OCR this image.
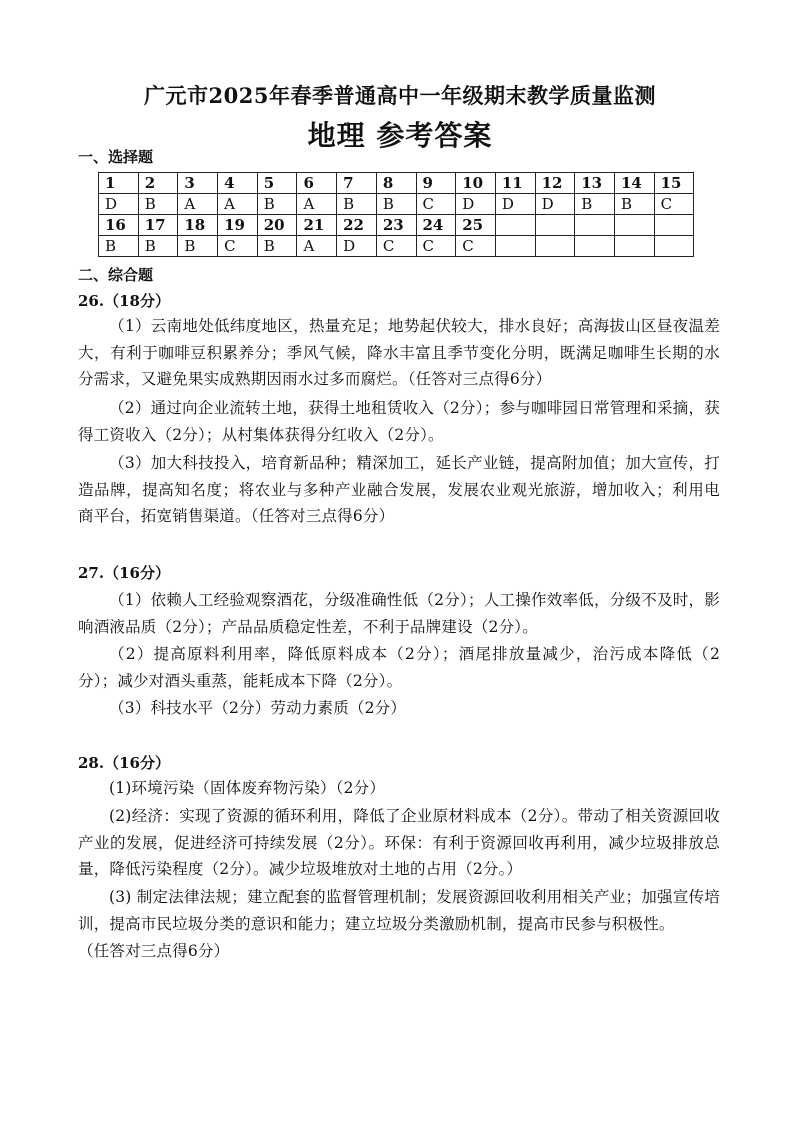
广元市2025年春季普通高中一年级期末教学质量监测
地理 参考答案
一、选择题
1	2	3	4	5	6	7	8	9	10	11	12	13	14	15
D	B	A	A	B	A	B	B	C	D	D	D	B	B	C
16	17	18	19	20	21	22	23	24	25					
B	B	B	C	B	A	D	C	C	C					
二、综合题
26.（18分）
（1）云南地处低纬度地区，热量充足；地势起伏较大，排水良好；高海拔山区昼夜温差大，有利于咖啡豆积累养分；季风气候，降水丰富且季节变化分明，既满足咖啡生长期的水分需求，又避免果实成熟期因雨水过多而腐烂。（任答对三点得6分）
（2）通过向企业流转土地，获得土地租赁收入（2分）；参与咖啡园日常管理和采摘，获得工资收入（2分）；从村集体获得分红收入（2分）。
（3）加大科技投入，培育新品种；精深加工，延长产业链，提高附加值；加大宣传，打造品牌，提高知名度；将农业与多种产业融合发展，发展农业观光旅游，增加收入；利用电商平台，拓宽销售渠道。（任答对三点得6分）
27.（16分）
（1）依赖人工经验观察酒花，分级准确性低（2分）；人工操作效率低，分级不及时，影响酒液品质（2分）；产品品质稳定性差，不利于品牌建设（2分）。
（2）提高原料利用率，降低原料成本（2分）；酒尾排放量减少，治污成本降低（2分）；减少对酒头重蒸，能耗成本下降（2分）。
（3）科技水平（2分）劳动力素质（2分）
28.（16分）
(1)环境污染（固体废弃物污染）（2分）
(2)经济：实现了资源的循环利用，降低了企业原材料成本（2分）。带动了相关资源回收产业的发展，促进经济可持续发展（2分）。环保：有利于资源回收再利用，减少垃圾排放总量，降低污染程度（2分）。减少垃圾堆放对土地的占用（2分。）
(3) 制定法律法规；建立配套的监督管理机制；发展资源回收利用相关产业；加强宣传培训，提高市民垃圾分类的意识和能力；建立垃圾分类激励机制，提高市民参与积极性。
（任答对三点得6分）
